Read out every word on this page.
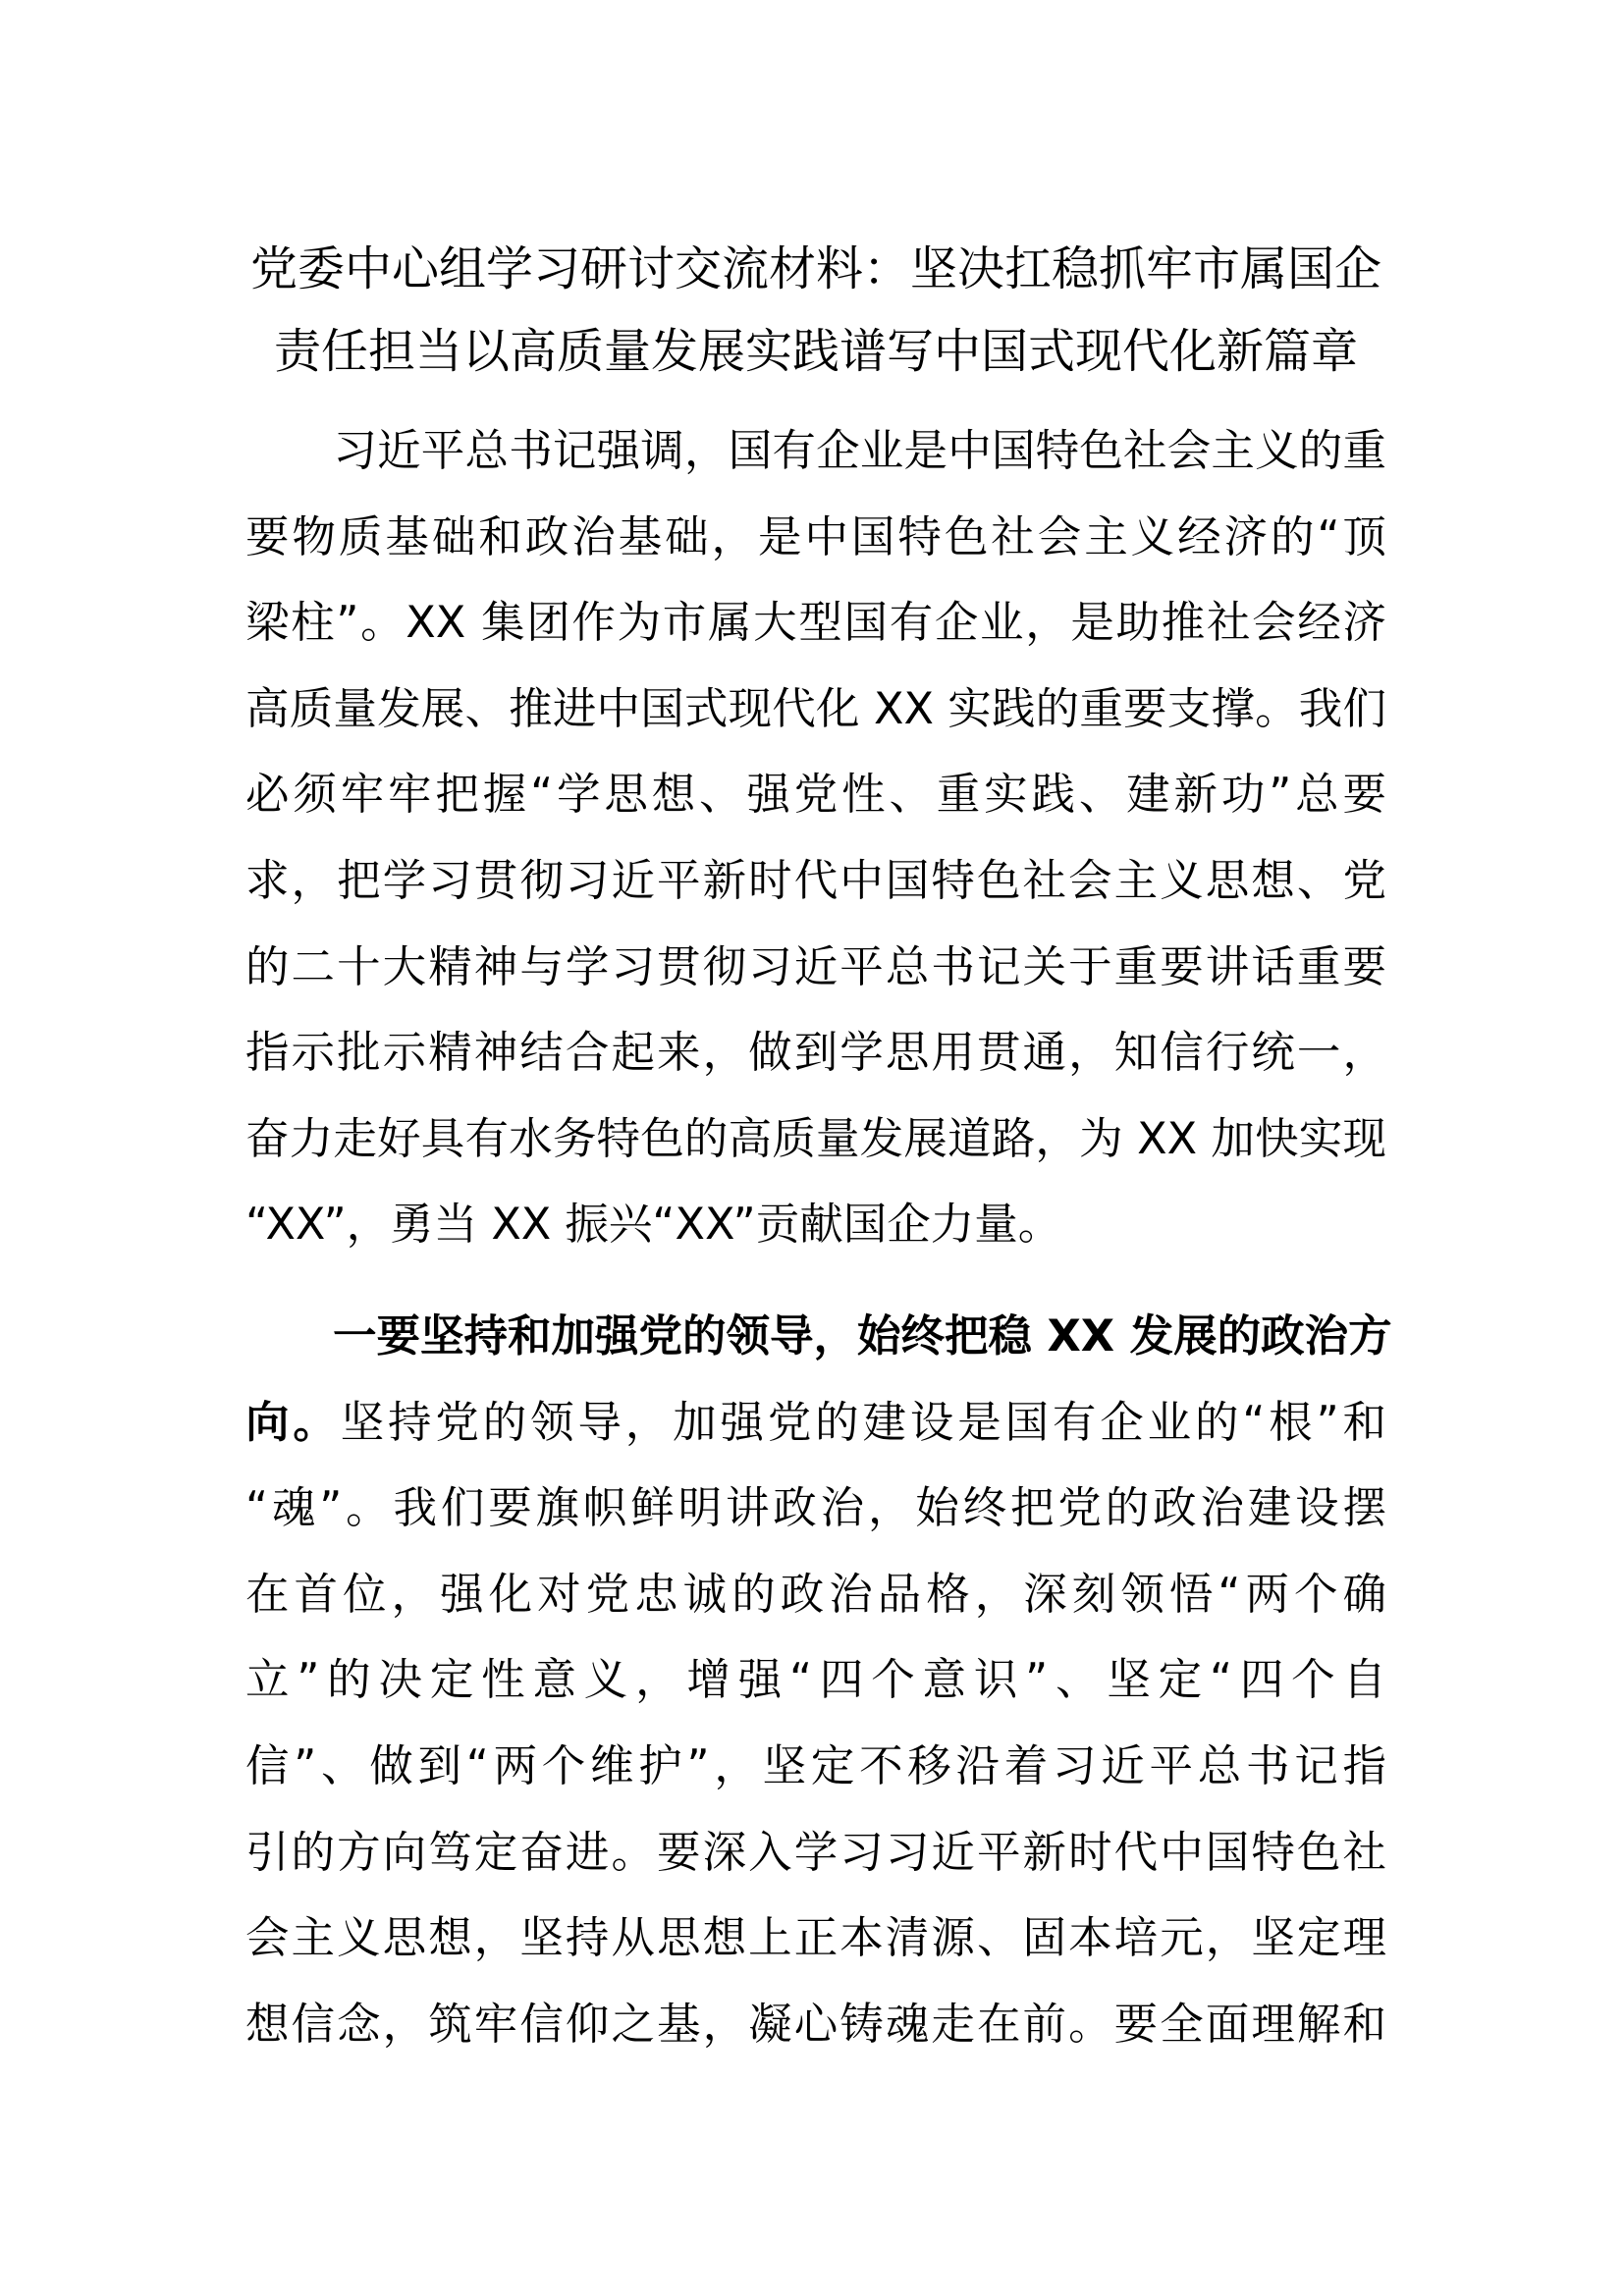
党委中心组学习研讨交流材料：坚决扛稳抓牢市属国企
责任担当以高质量发展实践谱写中国式现代化新篇章
　　习近平总书记强调，国有企业是中国特色社会主义的重
要物质基础和政治基础，是中国特色社会主义经济的“顶
梁柱”。XX 集团作为市属大型国有企业，是助推社会经济
高质量发展、推进中国式现代化 XX 实践的重要支撑。我们
必须牢牢把握“学思想、强党性、重实践、建新功”总要
求，把学习贯彻习近平新时代中国特色社会主义思想、党
的二十大精神与学习贯彻习近平总书记关于重要讲话重要
指示批示精神结合起来，做到学思用贯通，知信行统一，
奋力走好具有水务特色的高质量发展道路，为 XX 加快实现
“XX”，勇当 XX 振兴“XX”贡献国企力量。
　　一要坚持和加强党的领导，始终把稳 XX 发展的政治方
向。坚持党的领导，加强党的建设是国有企业的“根”和
“魂”。我们要旗帜鲜明讲政治，始终把党的政治建设摆
在首位，强化对党忠诚的政治品格，深刻领悟“两个确
立”的决定性意义，增强“四个意识”、坚定“四个自
信”、做到“两个维护”，坚定不移沿着习近平总书记指
引的方向笃定奋进。要深入学习习近平新时代中国特色社
会主义思想，坚持从思想上正本清源、固本培元，坚定理
想信念，筑牢信仰之基，凝心铸魂走在前。要全面理解和
